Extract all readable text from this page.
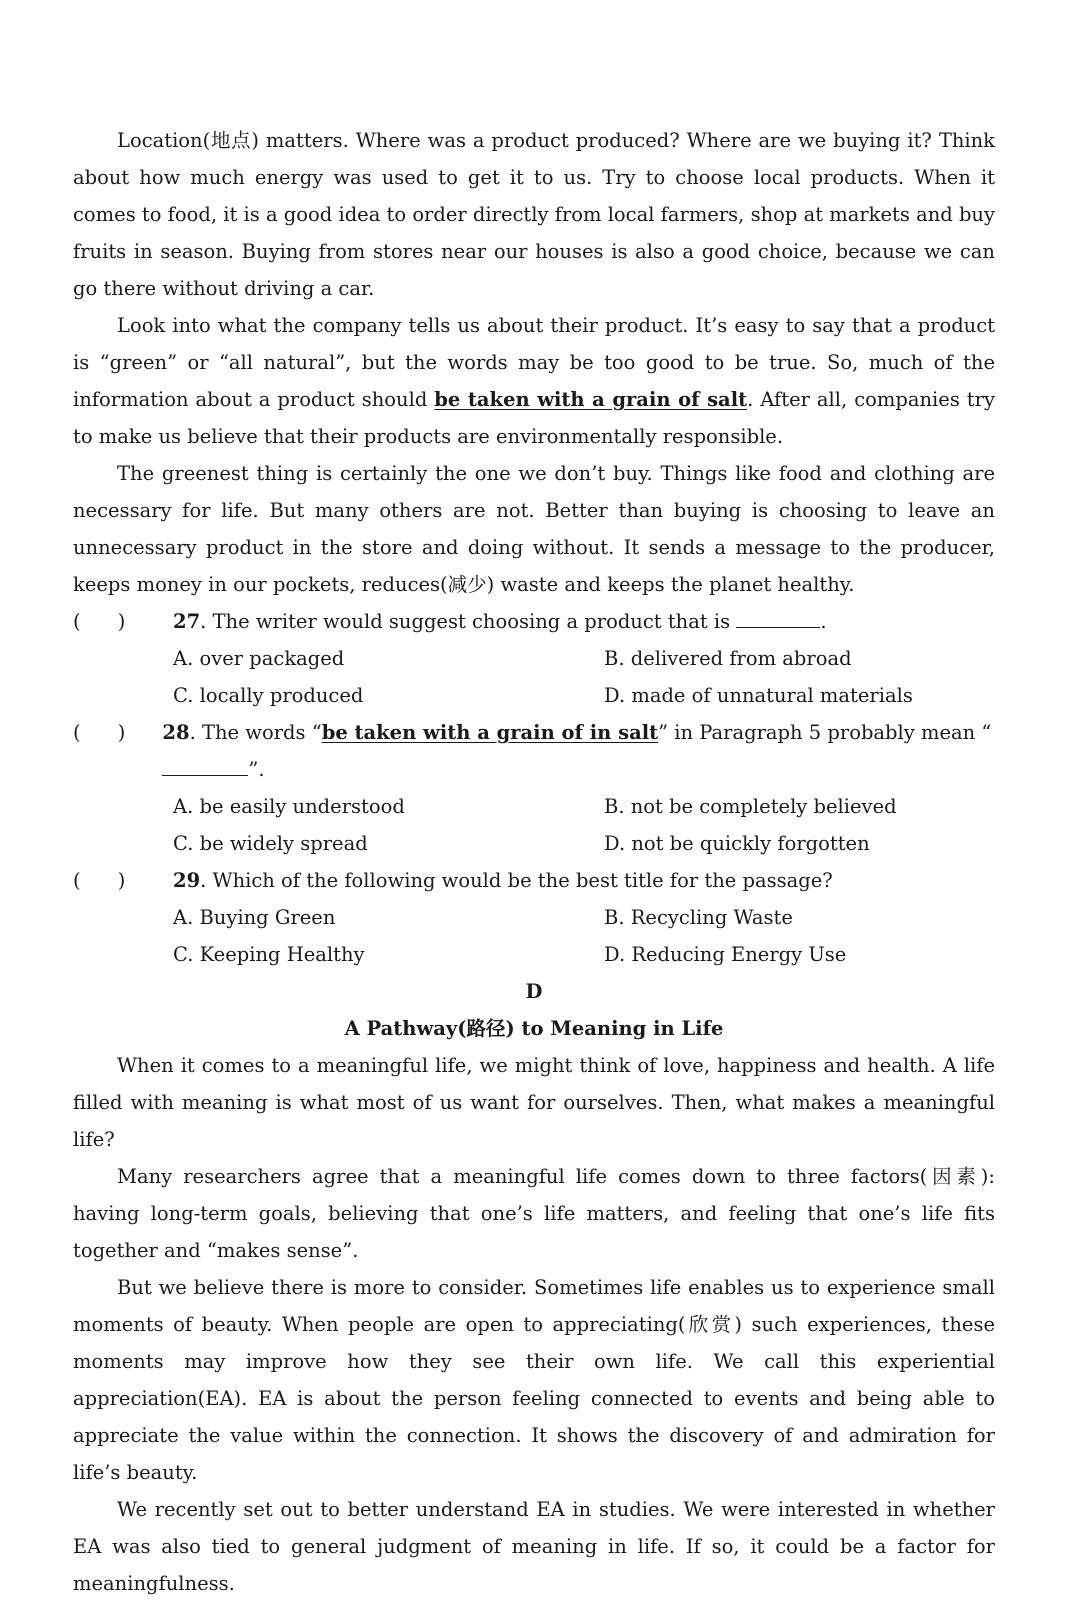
Location(地点) matters. Where was a product produced? Where are we buying it? Think about how much energy was used to get it to us. Try to choose local products. When it comes to food, it is a good idea to order directly from local farmers, shop at markets and buy fruits in season. Buying from stores near our houses is also a good choice, because we can go there without driving a car.

Look into what the company tells us about their product. It’s easy to say that a product is “green” or “all natural”, but the words may be too good to be true. So, much of the information about a product should be taken with a grain of salt. After all, companies try to make us believe that their products are environmentally responsible.

The greenest thing is certainly the one we don’t buy. Things like food and clothing are necessary for life. But many others are not. Better than buying is choosing to leave an unnecessary product in the store and doing without. It sends a message to the producer, keeps money in our pockets, reduces(减少) waste and keeps the planet healthy.

(      )	27. The writer would suggest choosing a product that is	.
A. over packaged	B. delivered from abroad
C. locally produced	D. made of unnatural materials
(      )	28. The words “be taken with a grain of in salt” in Paragraph 5 probably mean “”.
A. be easily understood	B. not be completely believed
C. be widely spread	D. not be quickly forgotten
(      )	29. Which of the following would be the best title for the passage?
A. Buying Green	B. Recycling Waste
C. Keeping Healthy	D. Reducing Energy Use

D

A Pathway(路径) to Meaning in Life

When it comes to a meaningful life, we might think of love, happiness and health. A life filled with meaning is what most of us want for ourselves. Then, what makes a meaningful life?

Many researchers agree that a meaningful life comes down to three factors(因素): having long-term goals, believing that one’s life matters, and feeling that one’s life fits together and “makes sense”.

But we believe there is more to consider. Sometimes life enables us to experience small moments of beauty. When people are open to appreciating(欣赏) such experiences, these moments may improve how they see their own life. We call this experiential appreciation(EA). EA is about the person feeling connected to events and being able to appreciate the value within the connection. It shows the discovery of and admiration for life’s beauty.

We recently set out to better understand EA in studies. We were interested in whether EA was also tied to general judgment of meaning in life. If so, it could be a factor for meaningfulness.
